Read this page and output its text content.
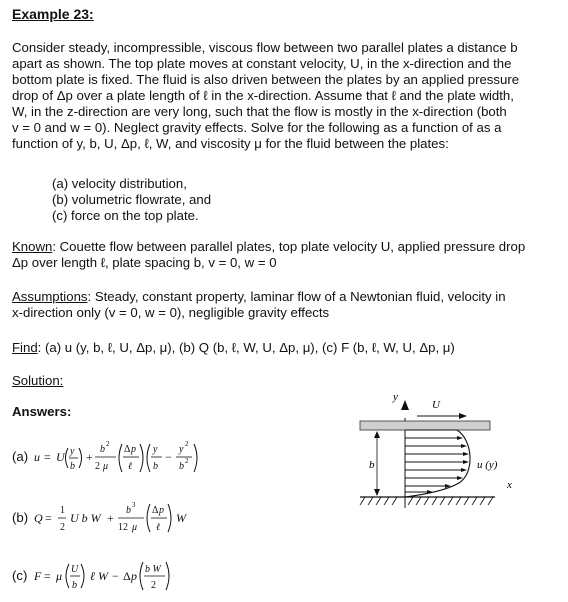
Example 23:
Consider steady, incompressible, viscous flow between two parallel plates a distance b
apart as shown. The top plate moves at constant velocity, U, in the x-direction and the
bottom plate is fixed. The fluid is also driven between the plates by an applied pressure
drop of Δp over a plate length of ℓ in the x-direction. Assume that ℓ and the plate width,
W, in the z-direction are very long, such that the flow is mostly in the x-direction (both
v = 0 and w = 0). Neglect gravity effects. Solve for the following as a function of as a
function of y, b, U, Δp, ℓ, W, and viscosity μ for the fluid between the plates:
(a) velocity distribution,
(b) volumetric flowrate, and
(c) force on the top plate.
Known: Couette flow between parallel plates, top plate velocity U, applied pressure drop
Δp over length ℓ, plate spacing b, v = 0, w = 0
Assumptions: Steady, constant property, laminar flow of a Newtonian fluid, velocity in
x-direction only (v = 0, w = 0), negligible gravity effects
Find: (a) u (y, b, ℓ, U, Δp, μ), (b) Q (b, ℓ, W, U, Δp, μ), (c) F (b, ℓ, W, U, Δp, μ)
Solution:
Answers:
(a) u = U y
b
+
b 2
2 μ
Δ p
ℓ
y
b
−
y 2
b 2
(b) Q =
1
2
U b W +
b 3
12 μ
Δ p
ℓ
W
(c) F = μ U
b
ℓ W − Δ p b W
2
y
U
b	u (y)
x
